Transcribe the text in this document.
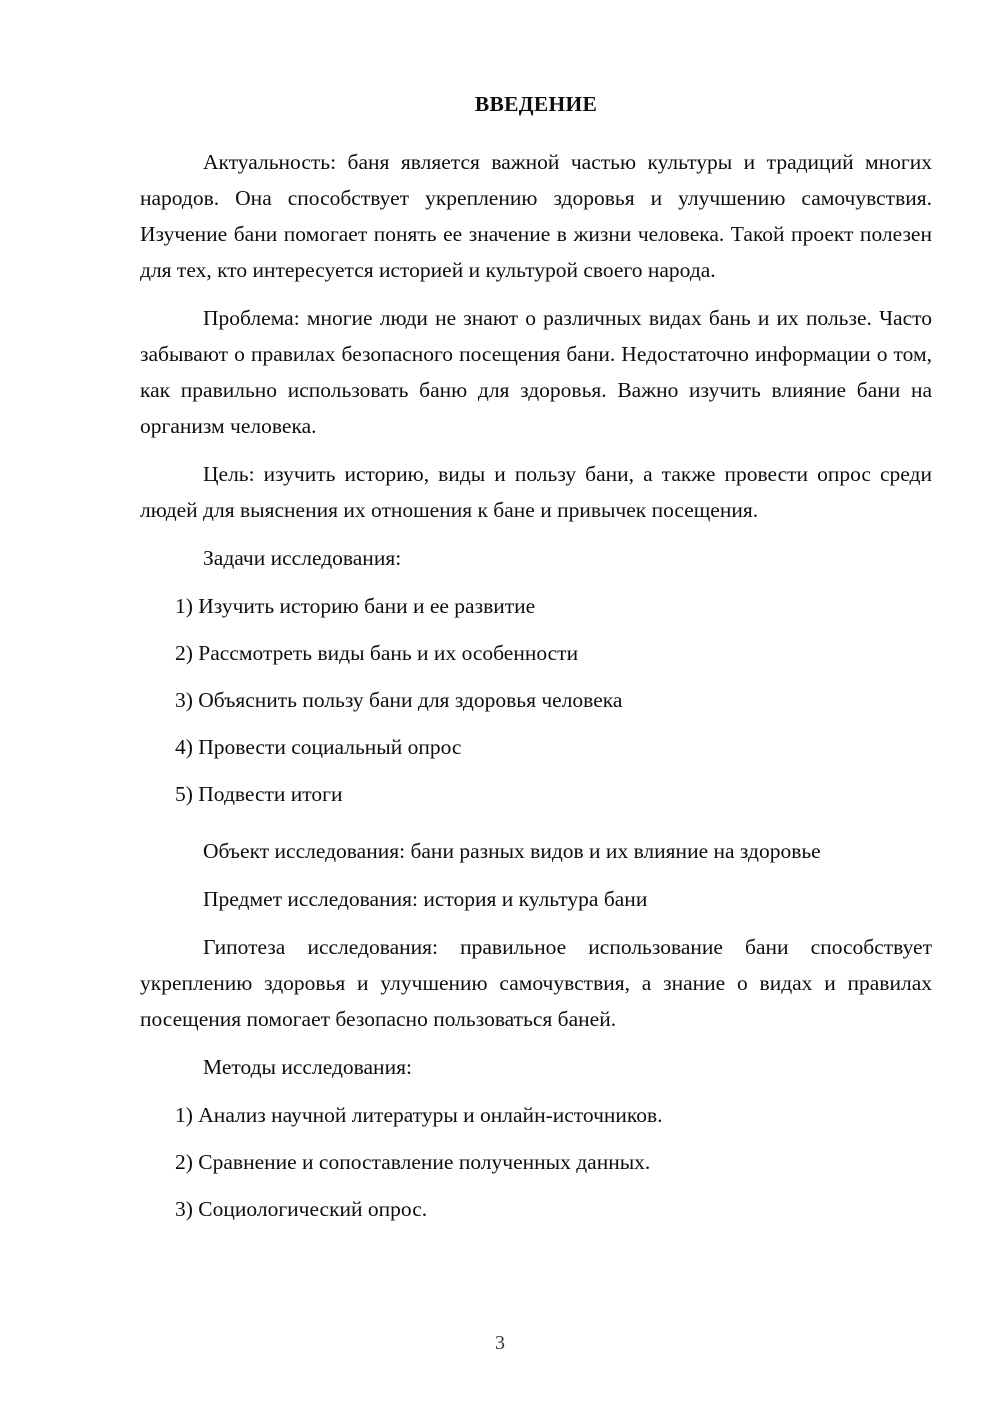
ВВЕДЕНИЕ

Актуальность: баня является важной частью культуры и традиций многих народов. Она способствует укреплению здоровья и улучшению самочувствия. Изучение бани помогает понять ее значение в жизни человека. Такой проект полезен для тех, кто интересуется историей и культурой своего народа.

Проблема: многие люди не знают о различных видах бань и их пользе. Часто забывают о правилах безопасного посещения бани. Недостаточно информации о том, как правильно использовать баню для здоровья. Важно изучить влияние бани на организм человека.

Цель: изучить историю, виды и пользу бани, а также провести опрос среди людей для выяснения их отношения к бане и привычек посещения.

Задачи исследования:

1) Изучить историю бани и ее развитие

2) Рассмотреть виды бань и их особенности

3) Объяснить пользу бани для здоровья человека

4) Провести социальный опрос

5) Подвести итоги

Объект исследования: бани разных видов и их влияние на здоровье

Предмет исследования: история и культура бани

Гипотеза исследования: правильное использование бани способствует укреплению здоровья и улучшению самочувствия, а знание о видах и правилах посещения помогает безопасно пользоваться баней.

Методы исследования:

1) Анализ научной литературы и онлайн-источников.

2) Сравнение и сопоставление полученных данных.

3) Социологический опрос.

3
